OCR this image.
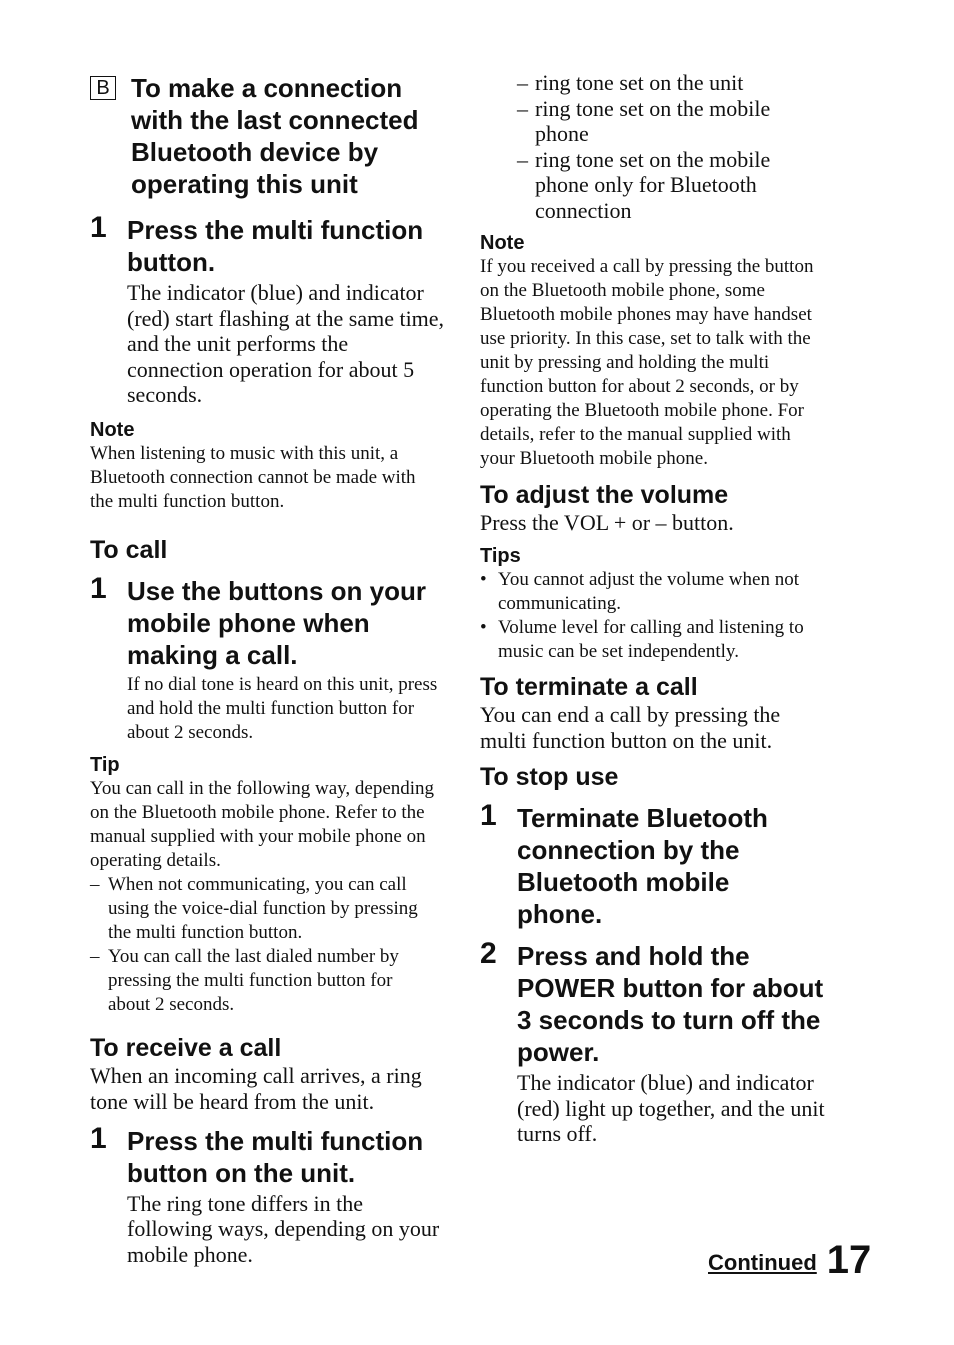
B To make a connection with the last connected Bluetooth device by operating this unit
1 Press the multi function button.
The indicator (blue) and indicator (red) start flashing at the same time, and the unit performs the connection operation for about 5 seconds.
Note
When listening to music with this unit, a Bluetooth connection cannot be made with the multi function button.
To call
1 Use the buttons on your mobile phone when making a call.
If no dial tone is heard on this unit, press and hold the multi function button for about 2 seconds.
Tip
You can call in the following way, depending on the Bluetooth mobile phone. Refer to the manual supplied with your mobile phone on operating details.
– When not communicating, you can call using the voice-dial function by pressing the multi function button.
– You can call the last dialed number by pressing the multi function button for about 2 seconds.
To receive a call
When an incoming call arrives, a ring tone will be heard from the unit.
1 Press the multi function button on the unit.
The ring tone differs in the following ways, depending on your mobile phone.
– ring tone set on the unit
– ring tone set on the mobile phone
– ring tone set on the mobile phone only for Bluetooth connection
Note
If you received a call by pressing the button on the Bluetooth mobile phone, some Bluetooth mobile phones may have handset use priority. In this case, set to talk with the unit by pressing and holding the multi function button for about 2 seconds, or by operating the Bluetooth mobile phone. For details, refer to the manual supplied with your Bluetooth mobile phone.
To adjust the volume
Press the VOL + or – button.
Tips
• You cannot adjust the volume when not communicating.
• Volume level for calling and listening to music can be set independently.
To terminate a call
You can end a call by pressing the multi function button on the unit.
To stop use
1 Terminate Bluetooth connection by the Bluetooth mobile phone.
2 Press and hold the POWER button for about 3 seconds to turn off the power.
The indicator (blue) and indicator (red) light up together, and the unit turns off.
Continued 17
